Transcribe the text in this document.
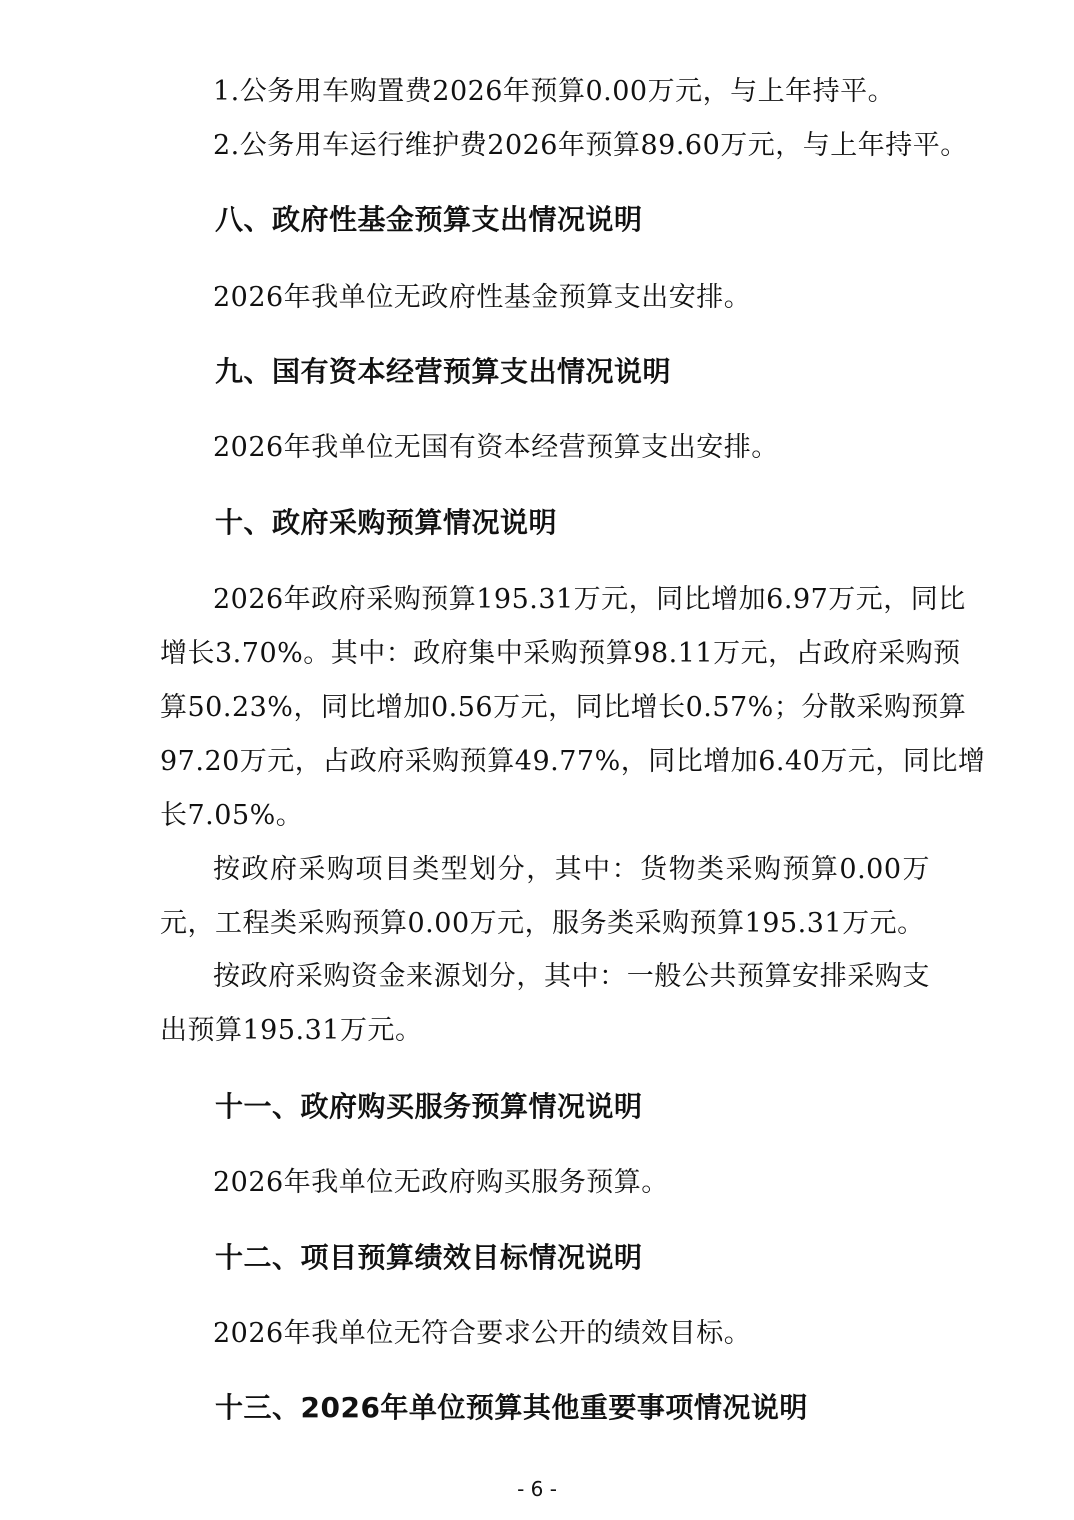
1.公务用车购置费2026年预算0.00万元，与上年持平。
2.公务用车运行维护费2026年预算89.60万元，与上年持平。
八、政府性基金预算支出情况说明
2026年我单位无政府性基金预算支出安排。
九、国有资本经营预算支出情况说明
2026年我单位无国有资本经营预算支出安排。
十、政府采购预算情况说明
2026年政府采购预算195.31万元，同比增加6.97万元，同比
增长3.70%。其中：政府集中采购预算98.11万元，占政府采购预
算50.23%，同比增加0.56万元，同比增长0.57%；分散采购预算
97.20万元，占政府采购预算49.77%，同比增加6.40万元，同比增
长7.05%。
按政府采购项目类型划分，其中：货物类采购预算0.00万
元，工程类采购预算0.00万元，服务类采购预算195.31万元。
按政府采购资金来源划分，其中：一般公共预算安排采购支
出预算195.31万元。
十一、政府购买服务预算情况说明
2026年我单位无政府购买服务预算。
十二、项目预算绩效目标情况说明
2026年我单位无符合要求公开的绩效目标。
十三、2026年单位预算其他重要事项情况说明
- 6 -
